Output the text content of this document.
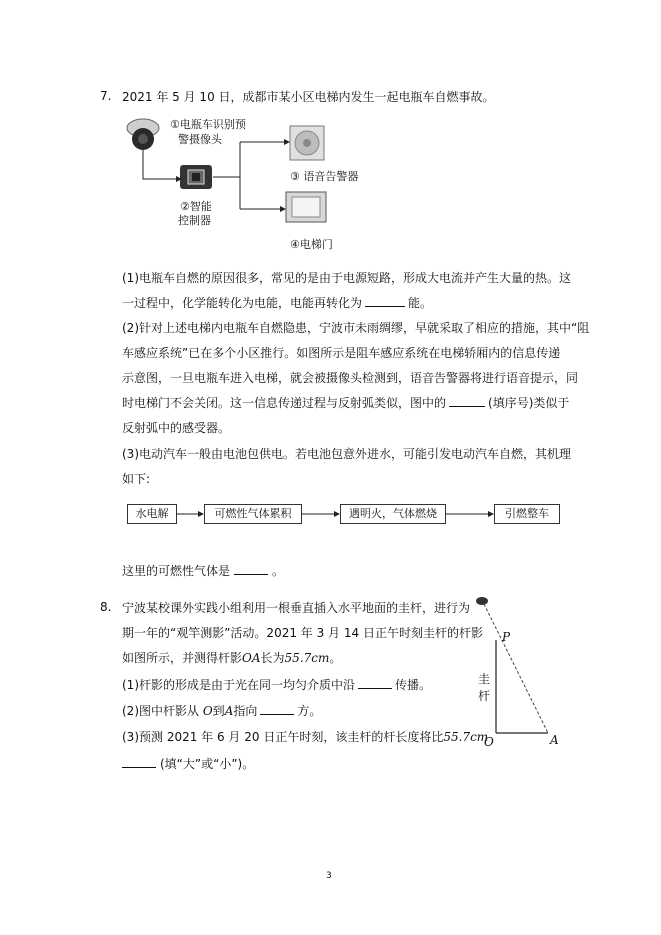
7. 2021 年 5 月 10 日，成都市某小区电梯内发生一起电瓶车自燃事故。
①电瓶车识别预
警摄像头
②智能
控制器
③ 语音告警器
④电梯门
(1)电瓶车自燃的原因很多，常见的是由于电源短路，形成大电流并产生大量的热。这
一过程中，化学能转化为电能，电能再转化为	能。
(2)针对上述电梯内电瓶车自燃隐患，宁波市未雨绸缪，早就采取了相应的措施，其中“阻
车感应系统”已在多个小区推行。如图所示是阻车感应系统在电梯轿厢内的信息传递
示意图，一旦电瓶车进入电梯，就会被摄像头检测到，语音告警器将进行语音提示，同
时电梯门不会关闭。这一信息传递过程与反射弧类似，图中的	(填序号)类似于
反射弧中的感受器。
(3)电动汽车一般由电池包供电。若电池包意外进水，可能引发电动汽车自燃，其机理
如下:
水电解	可燃性气体累积	遇明火，气体燃烧	引燃整车
这里的可燃性气体是	。
8. 宁波某校课外实践小组利用一根垂直插入水平地面的圭杆，进行为
期一年的“观竿测影”活动。2021 年 3 月 14 日正午时刻圭杆的杆影
如图所示，并测得杆影OA长为55.7cm。
(1)杆影的形成是由于光在同一均匀介质中沿	传播。
(2)图中杆影从 O到A指向	方。
(3)预测 2021 年 6 月 20 日正午时刻，该圭杆的杆长度将比55.7cm
(填“大”或“小”)。
P
圭
杆
O	A
3
